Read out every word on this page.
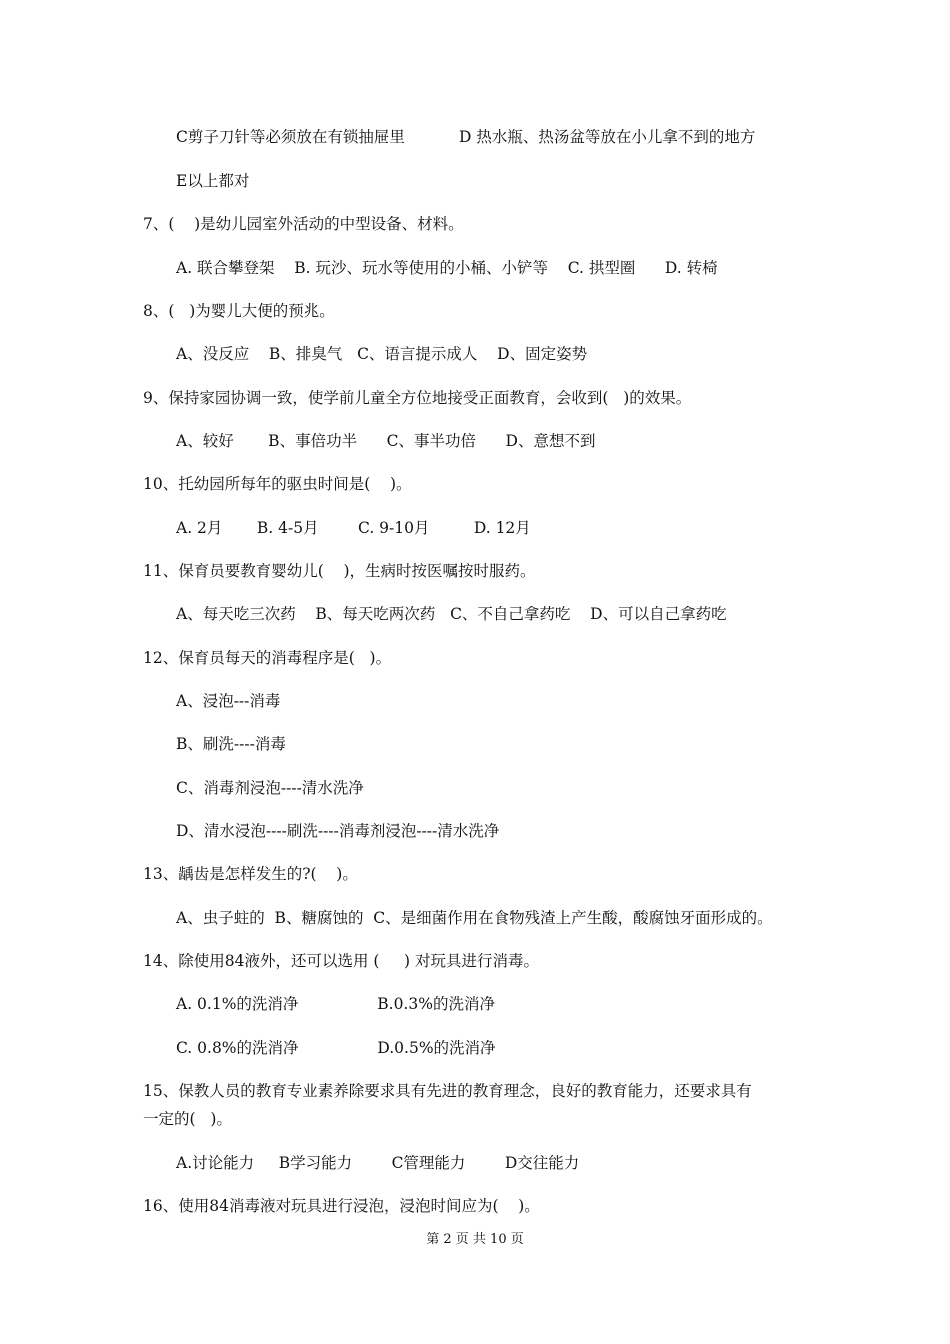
C剪子刀针等必须放在有锁抽屉里           D 热水瓶、热汤盆等放在小儿拿不到的地方
E以上都对
7、(    )是幼儿园室外活动的中型设备、材料。
A. 联合攀登架    B. 玩沙、玩水等使用的小桶、小铲等    C. 拱型圈      D. 转椅
8、(   )为婴儿大便的预兆。
A、没反应    B、排臭气   C、语言提示成人    D、固定姿势
9、保持家园协调一致，使学前儿童全方位地接受正面教育，会收到(   )的效果。
A、较好       B、事倍功半      C、事半功倍      D、意想不到
10、托幼园所每年的驱虫时间是(    )。
A. 2月       B. 4-5月        C. 9-10月         D. 12月
11、保育员要教育婴幼儿(    )，生病时按医嘱按时服药。
A、每天吃三次药    B、每天吃两次药   C、不自己拿药吃    D、可以自己拿药吃
12、保育员每天的消毒程序是(   )。
A、浸泡---消毒
B、刷洗----消毒
C、消毒剂浸泡----清水洗净
D、清水浸泡----刷洗----消毒剂浸泡----清水洗净
13、龋齿是怎样发生的?(    )。
A、虫子蛀的  B、糖腐蚀的  C、是细菌作用在食物残渣上产生酸，酸腐蚀牙面形成的。
14、除使用84液外，还可以选用 (     ) 对玩具进行消毒。
A. 0.1%的洗消净                B.0.3%的洗消净
C. 0.8%的洗消净                D.0.5%的洗消净
15、保教人员的教育专业素养除要求具有先进的教育理念，良好的教育能力，还要求具有
一定的(   )。
A.讨论能力     B学习能力        C管理能力        D交往能力
16、使用84消毒液对玩具进行浸泡，浸泡时间应为(    )。
第 2 页 共 10 页
